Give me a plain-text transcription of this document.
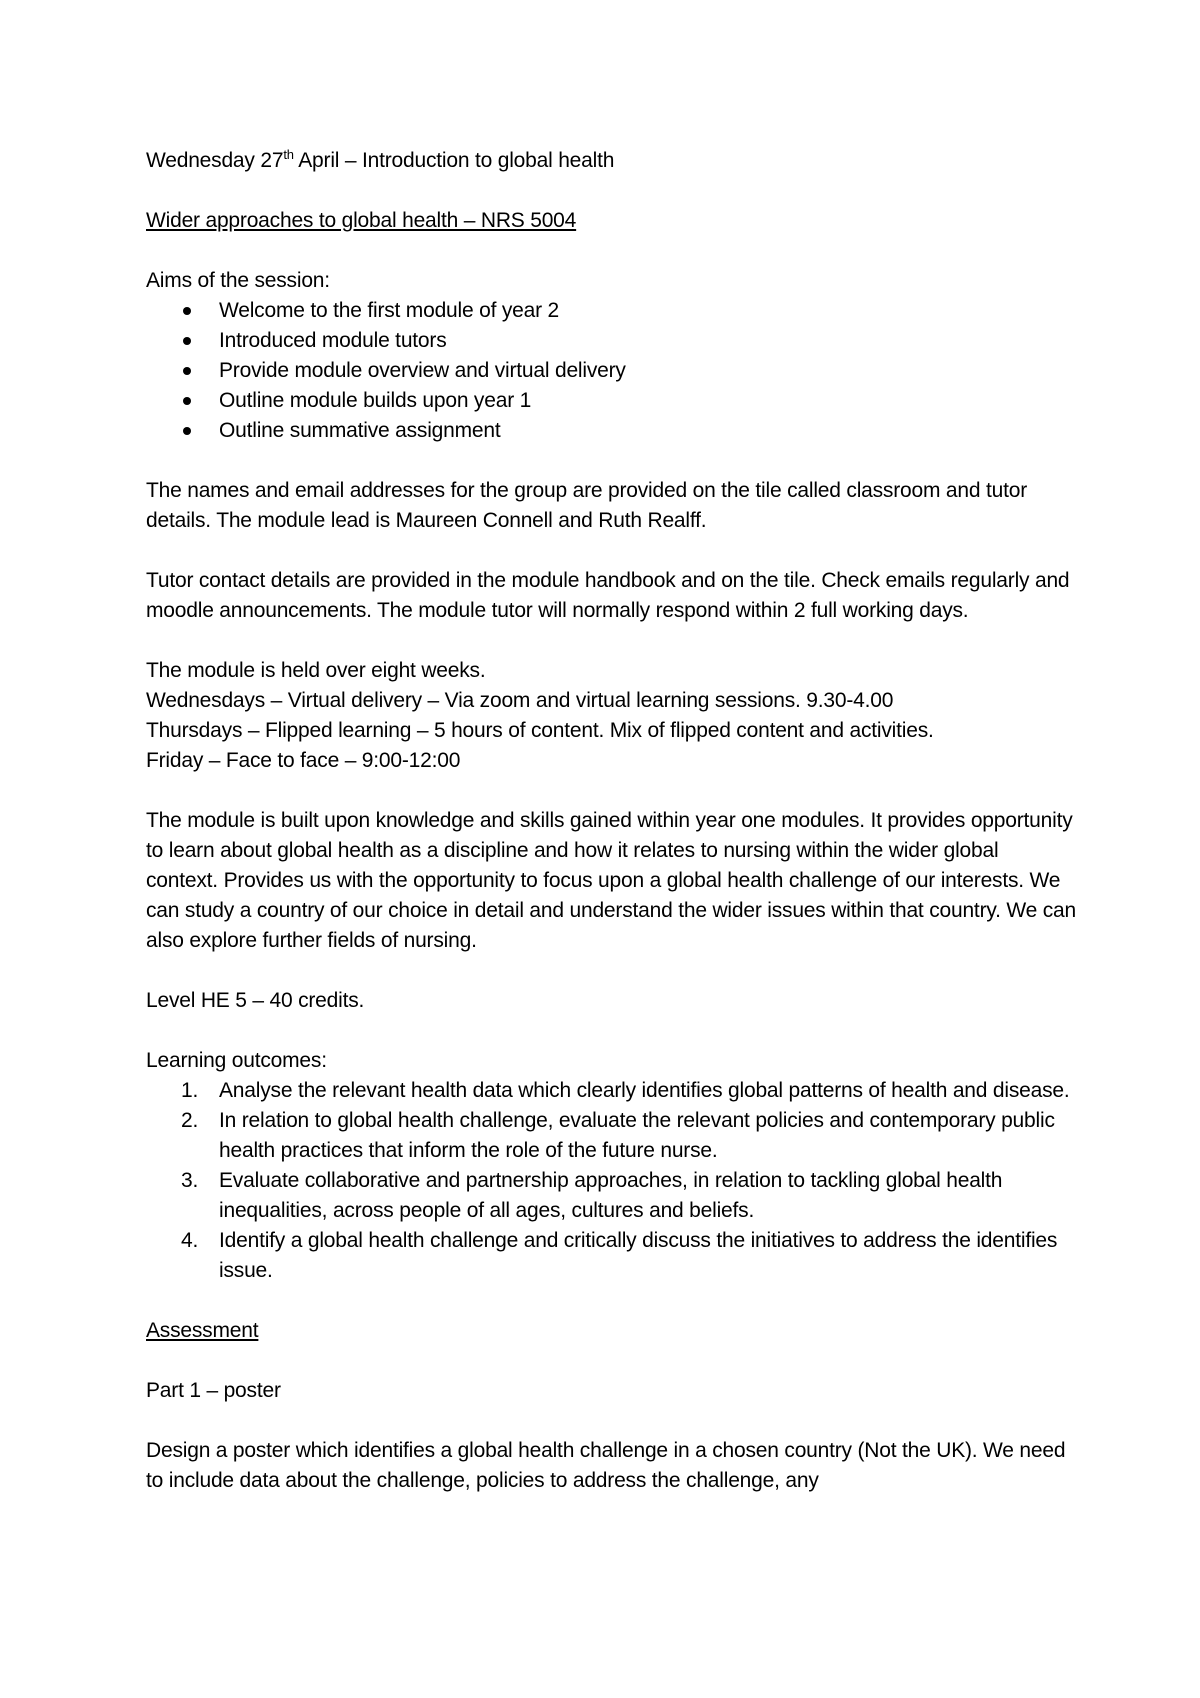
Wednesday 27th April – Introduction to global health

Wider approaches to global health – NRS 5004

Aims of the session:

Welcome to the first module of year 2
Introduced module tutors
Provide module overview and virtual delivery
Outline module builds upon year 1
Outline summative assignment

The names and email addresses for the group are provided on the tile called classroom and tutor details. The module lead is Maureen Connell and Ruth Realff.

Tutor contact details are provided in the module handbook and on the tile. Check emails regularly and moodle announcements. The module tutor will normally respond within 2 full working days.

The module is held over eight weeks.

Wednesdays – Virtual delivery – Via zoom and virtual learning sessions. 9.30-4.00

Thursdays – Flipped learning – 5 hours of content. Mix of flipped content and activities.

Friday – Face to face – 9:00-12:00

The module is built upon knowledge and skills gained within year one modules. It provides opportunity to learn about global health as a discipline and how it relates to nursing within the wider global context. Provides us with the opportunity to focus upon a global health challenge of our interests. We can study a country of our choice in detail and understand the wider issues within that country. We can also explore further fields of nursing.

Level HE 5 – 40 credits.

Learning outcomes:

1. Analyse the relevant health data which clearly identifies global patterns of health and disease.
2. In relation to global health challenge, evaluate the relevant policies and contemporary public health practices that inform the role of the future nurse.
3. Evaluate collaborative and partnership approaches, in relation to tackling global health inequalities, across people of all ages, cultures and beliefs.
4. Identify a global health challenge and critically discuss the initiatives to address the identifies issue.

Assessment

Part 1 – poster

Design a poster which identifies a global health challenge in a chosen country (Not the UK). We need to include data about the challenge, policies to address the challenge, any
